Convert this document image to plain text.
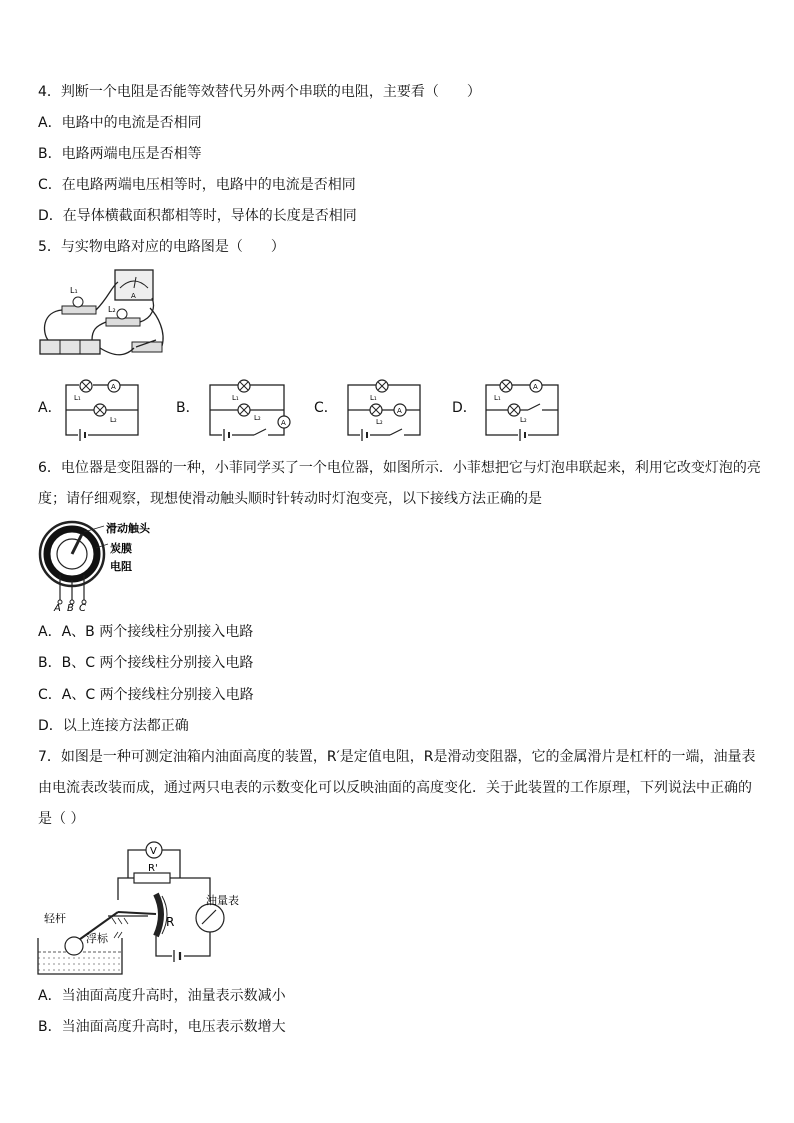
4．判断一个电阻是否能等效替代另外两个串联的电阻，主要看（　　）
A．电路中的电流是否相同
B．电路两端电压是否相等
C．在电路两端电压相等时，电路中的电流是否相同
D．在导体横截面积都相等时，导体的长度是否相同
5．与实物电路对应的电路图是（　　）
A
L₁
L₂
A．	B．	C．	D．
A
L₁
L₂
L₁
L₂
A
L₁
L₂
A
A
L₁
L₂
6．电位器是变阻器的一种，小菲同学买了一个电位器，如图所示．小菲想把它与灯泡串联起来，利用它改变灯泡的亮
度；请仔细观察，现想使滑动触头顺时针转动时灯泡变亮，以下接线方法正确的是
A B C
滑动触头
炭膜
电阻
A．A、B 两个接线柱分别接入电路
B．B、C 两个接线柱分别接入电路
C．A、C 两个接线柱分别接入电路
D．以上连接方法都正确
7．如图是一种可测定油箱内油面高度的装置，R′是定值电阻，R是滑动变阻器，它的金属滑片是杠杆的一端，油量表
由电流表改装而成，通过两只电表的示数变化可以反映油面的高度变化．关于此装置的工作原理，下列说法中正确的
是（ ）
V
R'
油量表
R
轻杆
浮标
A．当油面高度升高时，油量表示数减小
B．当油面高度升高时，电压表示数增大
